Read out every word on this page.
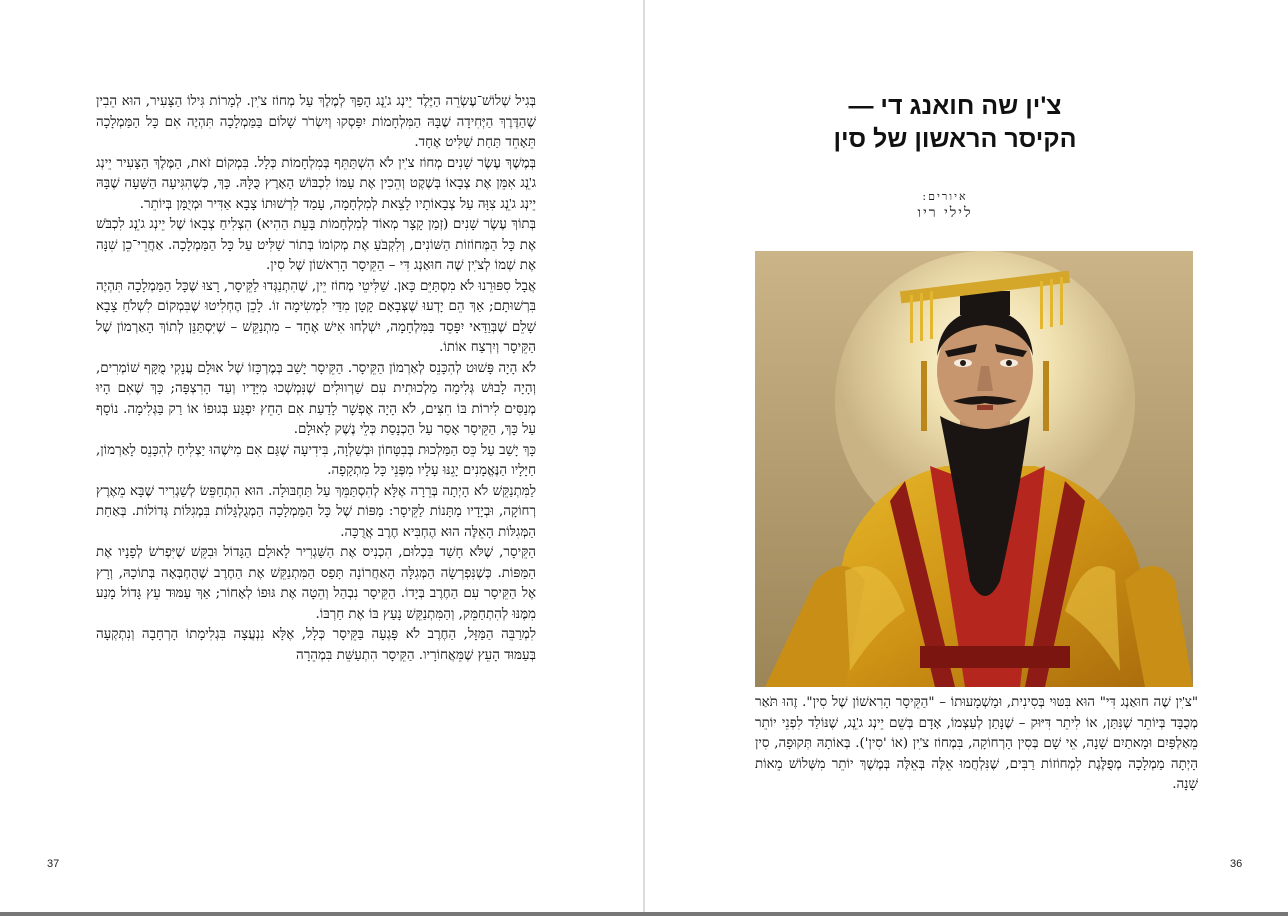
בְּגִיל שְׁלוֹשׁ־עֶשְׂרֵה הַיֶּלֶד יֵינְג ג'ֵנְג הָפַךְ לְמֶלֶךְ עַל מְחוֹז צ'ִין. לְמָרוֹת גִּילוֹ הַצָּעִיר, הוּא הֵבִין שֶׁהַדֶּרֶךְ הַיְּחִידָה שֶׁבָּהּ הַמִּלְחָמוֹת יִפָּסְקוּ וְיִשְׂרֹר שָׁלוֹם בַּמַּמְלָכָה תִּהְיֶה אִם כָּל הַמַּמְלָכָה תֵּאָחֵד תַּחַת שַׁלִּיט אֶחָד.

בְּמֶשֶׁךְ עֶשֶׂר שָׁנִים מְחוֹז צ'ִין לֹא הִשְׁתַּתֵּף בְּמִלְחָמוֹת כְּלָל. בִּמְקוֹם זֹאת, הַמֶּלֶךְ הַצָּעִיר יֵינְג ג'ֵנְג אִמֵּן אֶת צְבָאוֹ בְּשֶׁקֶט וְהֵכִין אֶת עַמּוֹ לִכְבּוֹשׁ הָאָרֶץ כֻּלָּהּ. כָּךְ, כְּשֶׁהִגִּיעָה הַשָּׁעָה שֶׁבָּהּ יֵינְג ג'ֵנְג צִוָּה עַל צְבָאוֹתָיו לָצֵאת לְמִלְחָמָה, עָמַד לִרְשׁוּתוֹ צָבָא אַדִּיר וּמְיֻמָּן בְּיוֹתֵר.

בְּתוֹךְ עֶשֶׂר שָׁנִים (זְמַן קָצָר מְאוֹד לְמִלְחָמוֹת בָּעֵת הַהִיא) הִצְלִיחַ צְבָאוֹ שֶׁל יֵינְג ג'ֵנְג לִכְבֹּשׁ אֶת כָּל הַמְּחוֹזוֹת הַשּׁוֹנִים, וְלִקְבֹּעַ אֶת מְקוֹמוֹ בְּתוֹר שַׁלִּיט עַל כָּל הַמַּמְלָכָה. אַחֲרֵי־כֵן שִׁנָּה אֶת שְׁמוֹ לְצ'ִין שֶׁה חוּאַנְג דִּי – הַקֵּיסָר הָרִאשׁוֹן שֶׁל סִין.

אֲבָל סִפּוּרֵנוּ לֹא מִסְתַּיֵּם כָּאן. שַׁלִּיטֵי מְחוֹז יֵין, שֶׁהִתְנַגְּדוּ לַקֵּיסָר, רָצוּ שֶׁכָּל הַמַּמְלָכָה תִּהְיֶה בִּרְשׁוּתָם; אַךְ הֵם יָדְעוּ שֶׁצְּבָאָם קָטָן מִדַּי לִמְשִׂימָה זוֹ. לָכֵן הֶחְלִיטוּ שֶׁבִּמְקוֹם לִשְׁלֹחַ צָבָא שָׁלֵם שֶׁבְּוַדַּאי יִפָּסֵד בַּמִּלְחָמָה, יִשְׁלְחוּ אִישׁ אֶחָד – מִתְנַקֵּשׁ – שֶׁיִּסְתַּנֵּן לְתוֹךְ הָאַרְמוֹן שֶׁל הַקֵּיסָר וְיִרְצַח אוֹתוֹ.

לֹא הָיָה פָּשׁוּט לְהִכָּנֵס לְאַרְמוֹן הַקֵּיסָר. הַקֵּיסָר יָשַׁב בְּמֶרְכָּזוֹ שֶׁל אוּלָם עֲנָקִי מֻקָּף שׁוֹמְרִים, וְהָיָה לָבוּשׁ גְּלִימָה מַלְכוּתִית עִם שַׁרְווּלִים שֶׁנִּמְשְׁכוּ מִיָּדָיו וְעַד הָרִצְפָּה; כָּךְ שֶׁאִם הָיוּ מְנַסִּים לִירוֹת בּוֹ חִצִּים, לֹא הָיָה אֶפְשָׁר לָדַעַת אִם הַחֵץ יִפְגַּע בְּגוּפוֹ אוֹ רַק בַּגְּלִימָה. נוֹסָף עַל כָּךְ, הַקֵּיסָר אָסַר עַל הַכְנָסַת כְּלֵי נֶשֶׁק לָאוּלָם.

כָּךְ יָשַׁב עַל כֵּס הַמַּלְכוּת בְּבִטָּחוֹן וּבְשַׁלְוָה, בִּידִיעָה שֶׁגַּם אִם מִישֶׁהוּ יַצְלִיחַ לְהִכָּנֵס לָאַרְמוֹן, חַיָּלָיו הַנֶּאֱמָנִים יָגֵנּוּ עָלָיו מִפְּנֵי כָּל מִתְקָפָה.

לַמִּתְנַקֵּשׁ לֹא הָיְתָה בְּרֵרָה אֶלָּא לְהִסְתַּמֵּךְ עַל תַּחְבּוּלָה. הוּא הִתְחַפֵּשׂ לְשַׁגְרִיר שֶׁבָּא מֵאֶרֶץ רְחוֹקָה, וּבְיָדָיו מַתָּנוֹת לַקֵּיסָר: מַפּוֹת שֶׁל כָּל הַמַּמְלָכָה הַמְגֻלְגָּלוֹת בִּמְגִלּוֹת גְּדוֹלוֹת. בְּאַחַת הַמְּגִלּוֹת הָאֵלֶּה הוּא הֶחְבִּיא חֶרֶב אֲרֻכָּה.

הַקֵּיסָר, שֶׁלֹּא חָשַׁד בִּכְלוּם, הִכְנִיס אֶת הַשַּׁגְרִיר לָאוּלָם הַגָּדוֹל וּבִקֵּשׁ שֶׁיִּפְרֹשׂ לְפָנָיו אֶת הַמַּפּוֹת. כְּשֶׁנִּפְרְשָׂה הַמְּגִלָּה הָאַחֲרוֹנָה תָּפַס הַמִּתְנַקֵּשׁ אֶת הַחֶרֶב שֶׁהֻחְבְּאָה בְּתוֹכָהּ, וְרָץ אֶל הַקֵּיסָר עִם הַחֶרֶב בְּיָדוֹ. הַקֵּיסָר נִבְהַל וְהֵטָה אֶת גּוּפוֹ לְאָחוֹר; אַךְ עַמּוּד עֵץ גָּדוֹל מָנַע מִמֶּנּוּ לְהִתְחַמֵּק, וְהַמִּתְנַקֵּשׁ נָעַץ בּוֹ אֶת חַרְבּוֹ.

לִמְרַבֵּה הַמַּזָּל, הַחֶרֶב לֹא פָּגְעָה בַּקֵּיסָר כְּלָל, אֶלָּא נִנְעֲצָה בִּגְלִימָתוֹ הָרְחָבָה וְנִתְקְעָה בְּעַמּוּד הָעֵץ שֶׁמֵּאֲחוֹרָיו. הַקֵּיסָר הִתְעַשֵּׁת בִּמְהֵרָה

37
צ'ין שה חואנג די —
הקיסר הראשון של סין
איורים:
לילי ריו
"צ'ִין שֶׁה חוּאַנְג דִּי" הוּא בִּטּוּי בְּסִינִית, וּמַשְׁמָעוּתוֹ – "הַקֵּיסָר הָרִאשׁוֹן שֶׁל סִין". זֶהוּ תֹּאַר מְכֻבָּד בְּיוֹתֵר שֶׁנִּתַּן, אוֹ לִיתֵר דִּיּוּק – שֶׁנָּתַן לְעַצְמוֹ, אָדָם בְּשֵׁם יֵינְג ג'ֵנְג, שֶׁנּוֹלַד לִפְנֵי יוֹתֵר מֵאַלְפַּיִם וּמָאתַיִם שָׁנָה, אֵי שָׁם בְּסִין הָרְחוֹקָה, בִּמְחוֹז צ'ִין (אוֹ 'סִין'). בְּאוֹתָהּ תְּקוּפָה, סִין הָיְתָה מַמְלָכָה מְפֻלֶּגֶת לִמְחוֹזוֹת רַבִּים, שֶׁנִּלְחֲמוּ אֵלֶּה בְּאֵלֶּה בְּמֶשֶׁךְ יוֹתֵר מִשְּׁלוֹשׁ מֵאוֹת שָׁנָה.
36
